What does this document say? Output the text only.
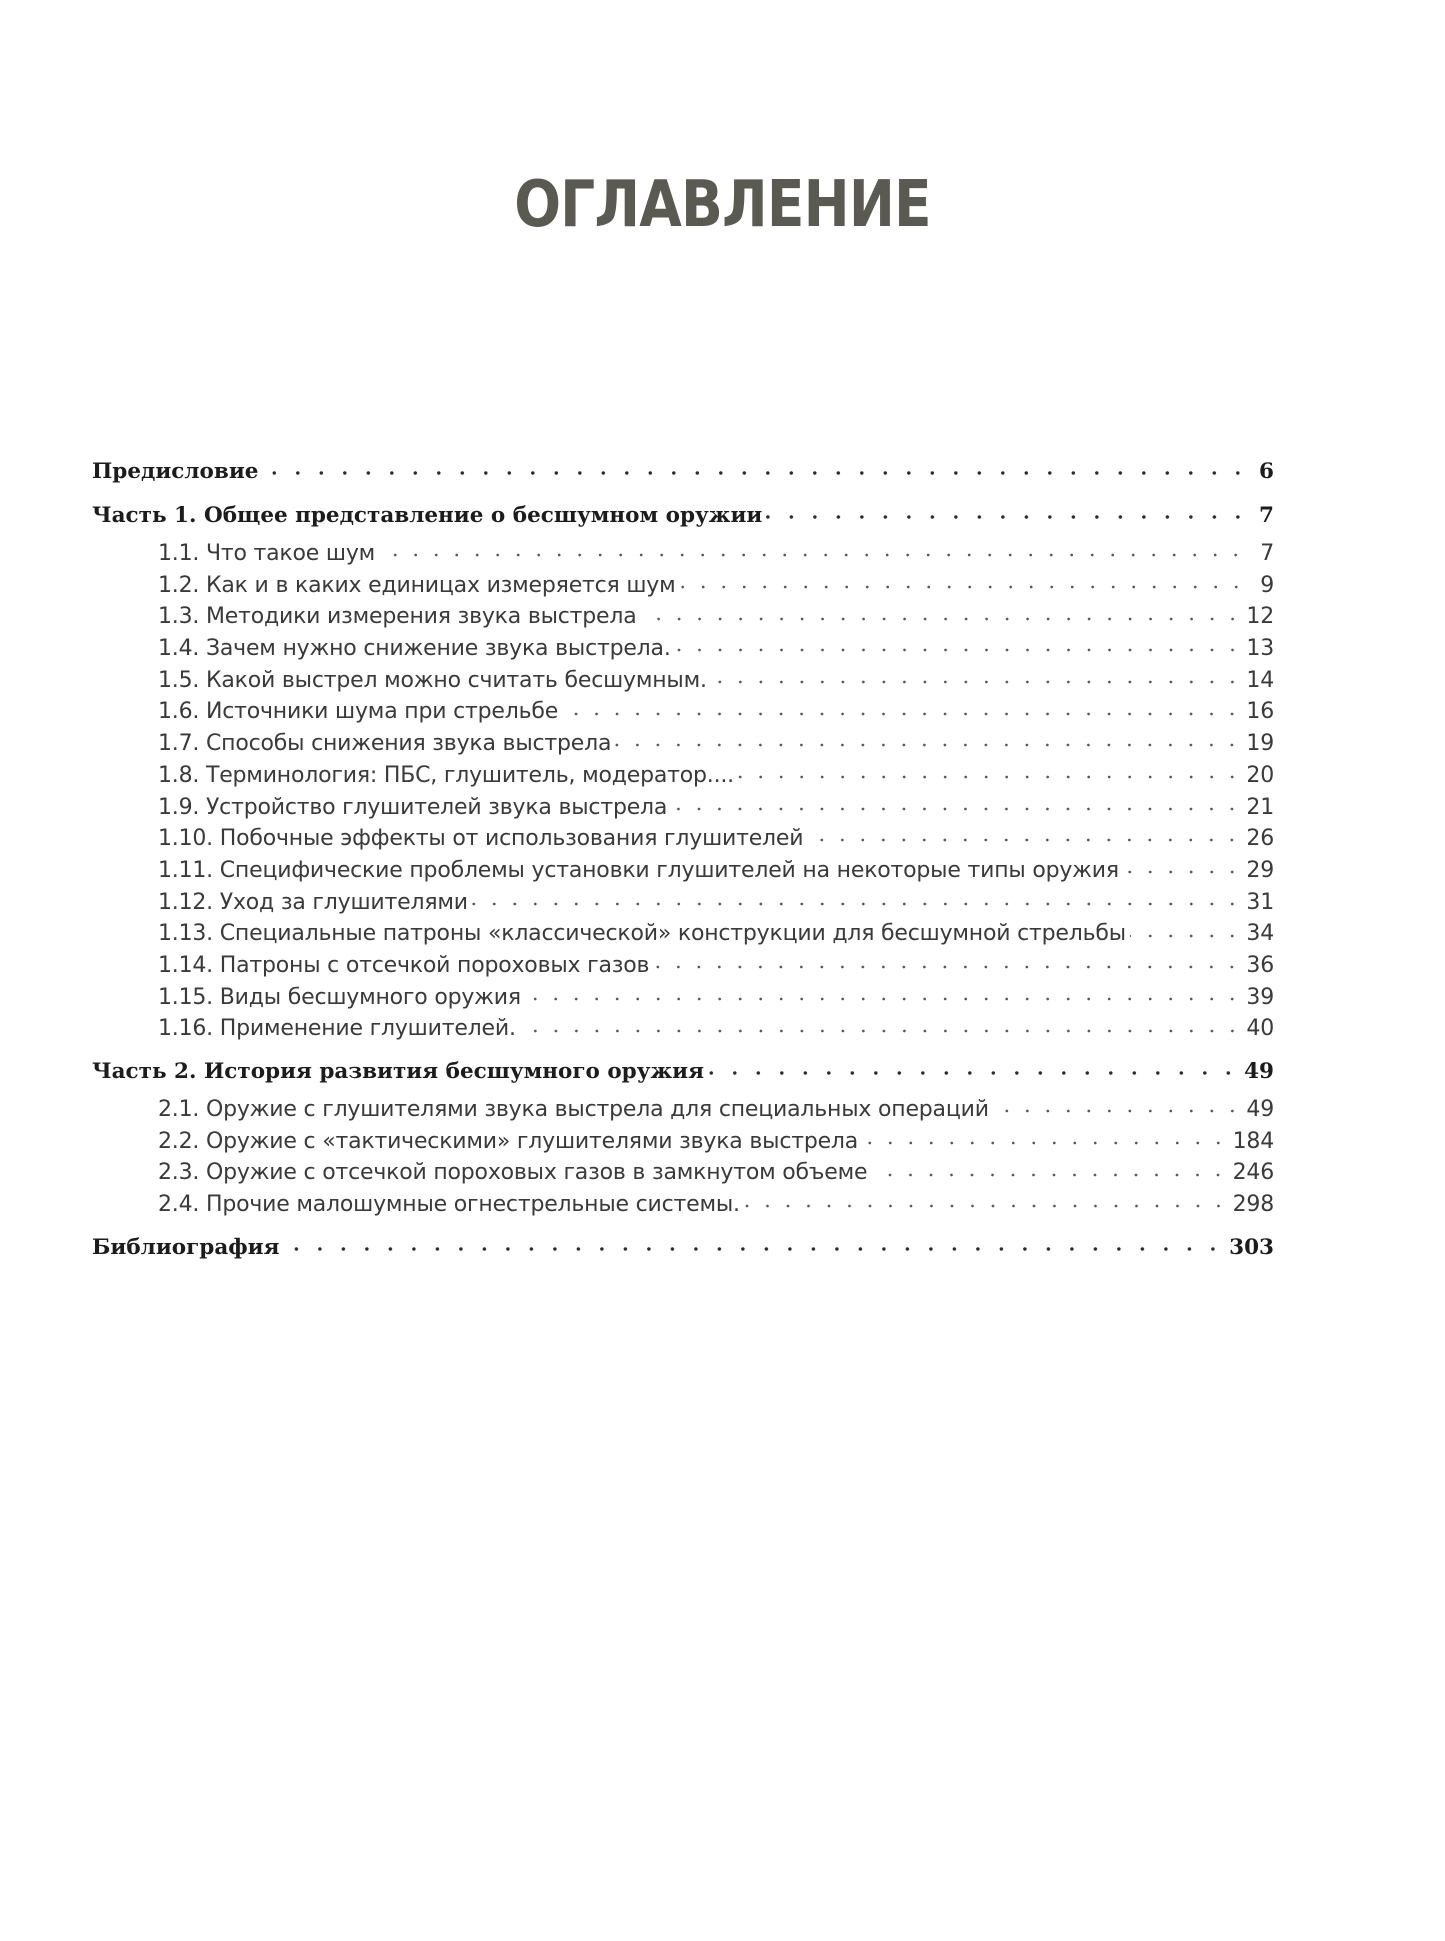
ОГЛАВЛЕНИЕ
Предисловие	6
Часть 1. Общее представление о бесшумном оружии	7
1.1. Что такое шум	7
1.2. Как и в каких единицах измеряется шум	9
1.3. Методики измерения звука выстрела	12
1.4. Зачем нужно снижение звука выстрела.	13
1.5. Какой выстрел можно считать бесшумным.	14
1.6. Источники шума при стрельбе	16
1.7. Способы снижения звука выстрела	19
1.8. Терминология: ПБС, глушитель, модератор....	20
1.9. Устройство глушителей звука выстрела	21
1.10. Побочные эффекты от использования глушителей	26
1.11. Специфические проблемы установки глушителей на некоторые типы оружия	29
1.12. Уход за глушителями	31
1.13. Специальные патроны «классической» конструкции для бесшумной стрельбы	34
1.14. Патроны с отсечкой пороховых газов	36
1.15. Виды бесшумного оружия	39
1.16. Применение глушителей.	40
Часть 2. История развития бесшумного оружия	49
2.1. Оружие с глушителями звука выстрела для специальных операций	49
2.2. Оружие с «тактическими» глушителями звука выстрела	184
2.3. Оружие с отсечкой пороховых газов в замкнутом объеме	246
2.4. Прочие малошумные огнестрельные системы.	298
Библиография	303
